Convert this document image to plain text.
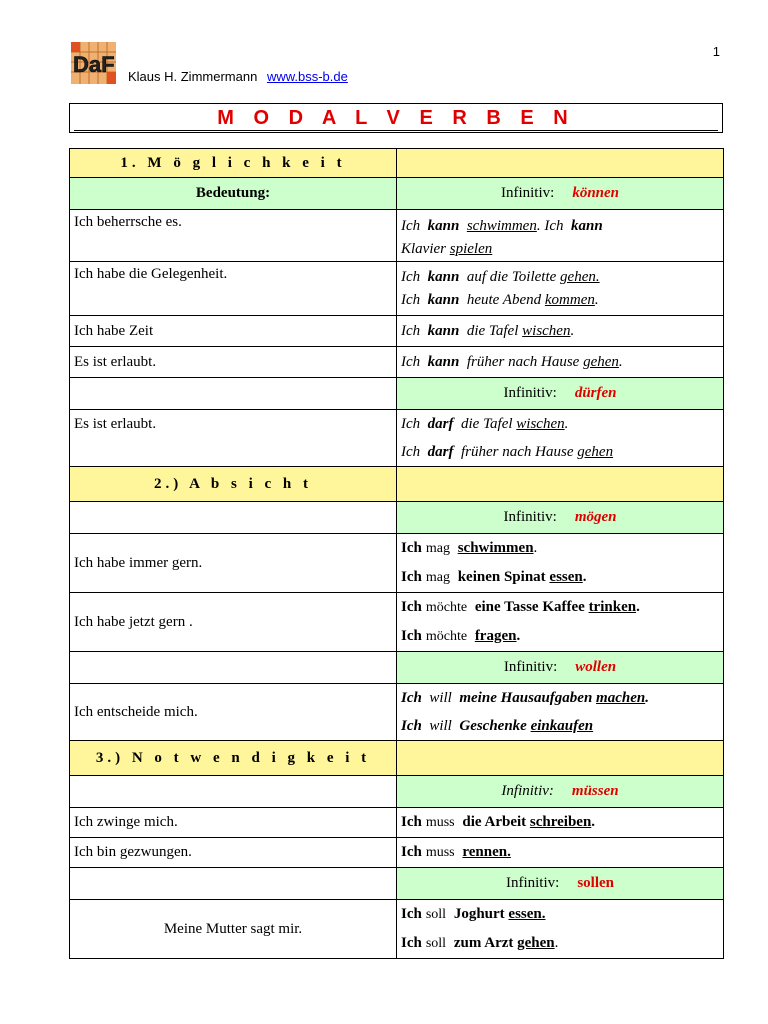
1
DaF Klaus H. Zimmermann www.bss-b.de
M O D A L V E R B E N
1. M ö g l i c h k e i t	
Bedeutung:	Infinitiv: können
Ich beherrsche es.	Ich kann schwimmen. Ich kann
Klavier spielen
Ich habe die Gelegenheit.	Ich kann auf die Toilette gehen.
Ich kann heute Abend kommen.
Ich habe Zeit	Ich kann die Tafel wischen.
Es ist erlaubt.	Ich kann früher nach Hause gehen.
	Infinitiv: dürfen
Es ist erlaubt.	Ich darf die Tafel wischen.
Ich darf früher nach Hause gehen
2.) A b s i c h t	
	Infinitiv: mögen
Ich habe immer gern.	Ich mag schwimmen.
Ich mag keinen Spinat essen.
Ich habe jetzt gern .	Ich möchte eine Tasse Kaffee trinken.
Ich möchte fragen.
	Infinitiv: wollen
Ich entscheide mich.	Ich will meine Hausaufgaben machen.
Ich will Geschenke einkaufen
3.) N o t w e n d i g k e i t	
	Infinitiv: müssen
Ich zwinge mich.	Ich muss die Arbeit schreiben.
Ich bin gezwungen.	Ich muss rennen.
	Infinitiv: sollen
Meine Mutter sagt mir.	Ich soll Joghurt essen.
Ich soll zum Arzt gehen.
